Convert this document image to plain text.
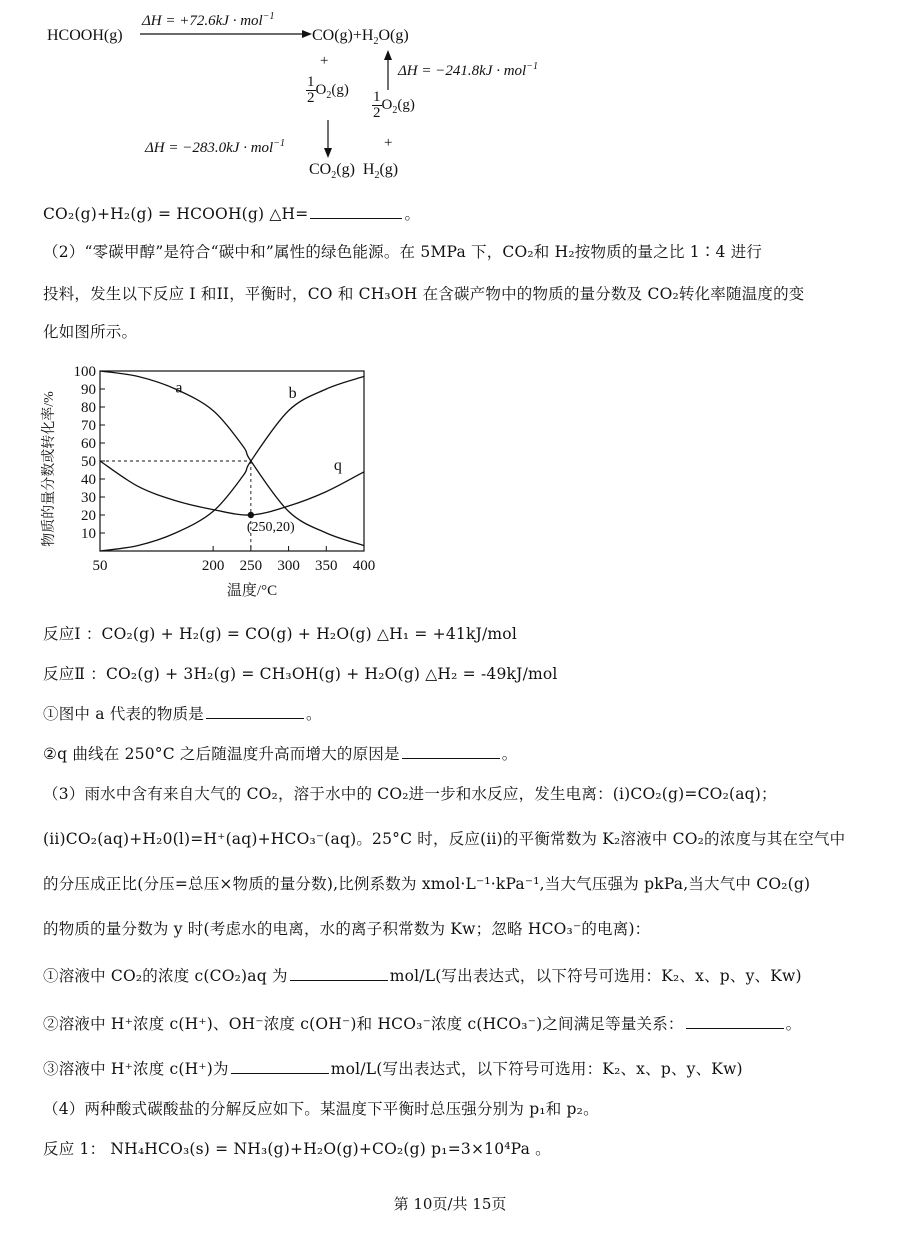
HCOOH(g)
ΔH = +72.6kJ · mol$^{-1}$
$CO(g)+H_2O(g)$
+
ΔH = −241.8kJ · mol$^{-1}$
$\frac{1}{2} O_2(g)$
$\frac{1}{2} O_2(g)$
ΔH = −283.0kJ · mol$^{-1}$	+
$CO_2(g)$ $H_2(g)$
CO₂(g)+H₂(g) = HCOOH(g) △H=	。
（2）“零碳甲醇”是符合“碳中和”属性的绿色能源。在 5MPa 下，CO₂和 H₂按物质的量之比 1∶4 进行
投料，发生以下反应 I 和II，平衡时，CO 和 CH₃OH 在含碳产物中的物质的量分数及 CO₂转化率随温度的变
化如图所示。
10
20
30
40
50
60
70
80
90
100
50	200 250 300 350 400
温度/°C
物质的量分数或转化率/%	(250,20)
a	b
q
反应Ⅰ ：CO₂(g) + H₂(g) = CO(g) + H₂O(g) △H₁ = +41kJ/mol
反应Ⅱ ：CO₂(g) + 3H₂(g) = CH₃OH(g) + H₂O(g) △H₂ = -49kJ/mol
①图中 a 代表的物质是	。
②q 曲线在 250°C 之后随温度升高而增大的原因是	。
（3）雨水中含有来自大气的 CO₂，溶于水中的 CO₂进一步和水反应，发生电离：(i)CO₂(g)=CO₂(aq)；
(ii)CO₂(aq)+H₂0(l)=H⁺(aq)+HCO₃⁻(aq)。25°C 时，反应(ii)的平衡常数为 K₂溶液中 CO₂的浓度与其在空气中
的分压成正比(分压=总压×物质的量分数),比例系数为 xmol·L⁻¹·kPa⁻¹,当大气压强为 pkPa,当大气中 CO₂(g)
的物质的量分数为 y 时(考虑水的电离，水的离子积常数为 Kw；忽略 HCO₃⁻的电离)：
①溶液中 CO₂的浓度 c(CO₂)aq 为	mol/L(写出表达式，以下符号可选用：K₂、x、p、y、Kw)
②溶液中 H⁺浓度 c(H⁺)、OH⁻浓度 c(OH⁻)和 HCO₃⁻浓度 c(HCO₃⁻)之间满足等量关系：	。
③溶液中 H⁺浓度 c(H⁺)为	mol/L(写出表达式，以下符号可选用：K₂、x、p、y、Kw)
（4）两种酸式碳酸盐的分解反应如下。某温度下平衡时总压强分别为 p₁和 p₂。
反应 1： NH₄HCO₃(s) = NH₃(g)+H₂O(g)+CO₂(g) p₁=3×10⁴Pa 。
第 10页/共 15页
